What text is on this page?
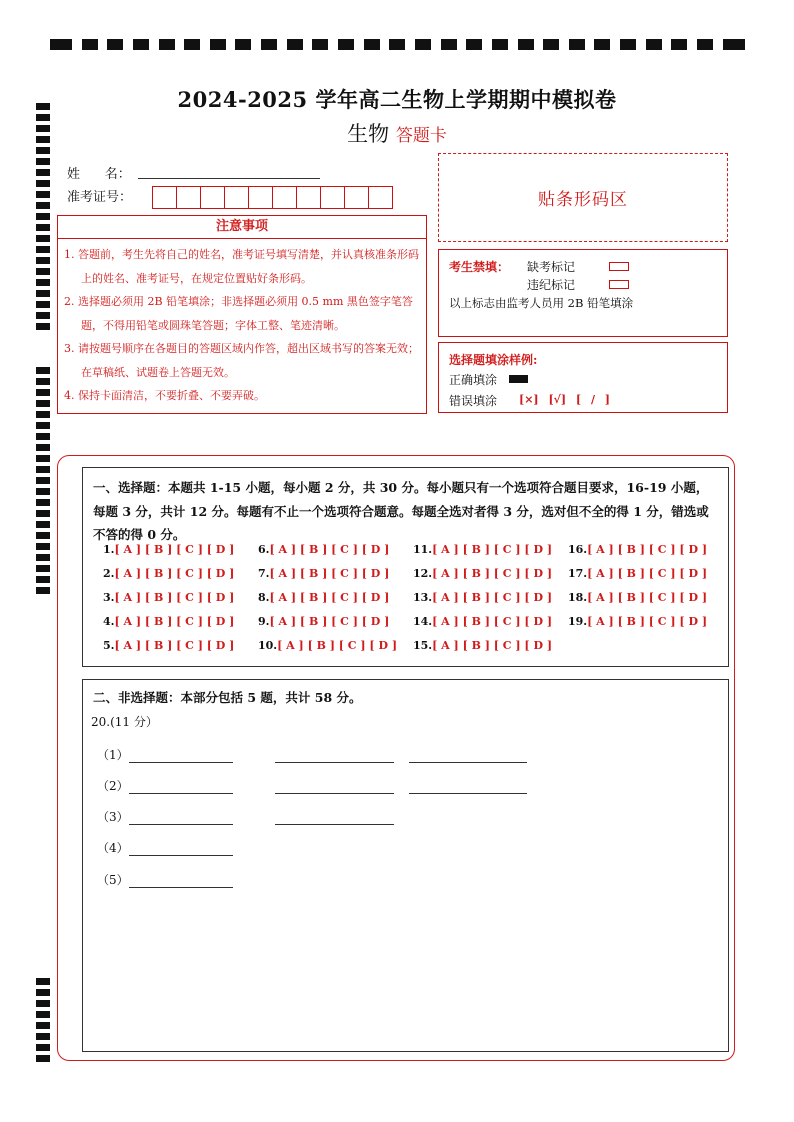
2024-2025 学年高二生物上学期期中模拟卷
生物 答题卡
姓      名：
准考证号：	贴条形码区
注意事项

1. 答题前，考生先将自己的姓名，准考证号填写清楚，并认真核准条形码上的姓名、准考证号，在规定位置贴好条形码。

2. 选择题必须用 2B 铅笔填涂；非选择题必须用 0.5 mm 黑色签字笔答题，不得用铅笔或圆珠笔答题；字体工整、笔迹清晰。

3. 请按题号顺序在各题目的答题区域内作答，超出区域书写的答案无效；在草稿纸、试题卷上答题无效。

4. 保持卡面清洁，不要折叠、不要弄破。

考生禁填： 缺考标记
违纪标记
以上标志由监考人员用 2B 铅笔填涂
选择题填涂样例:
正确填涂
错误填涂 [×] [√] [ / ]
一、选择题：本题共 1-15 小题，每小题 2 分，共 30 分。每小题只有一个选项符合题目要求，16-19 小题，每题 3 分，共计 12 分。每题有不止一个选项符合题意。每题全选对者得 3 分，选对但不全的得 1 分，错选或不答的得 0 分。
1.[ A ] [ B ] [ C ] [ D ]
2.[ A ] [ B ] [ C ] [ D ]
3.[ A ] [ B ] [ C ] [ D ]
4.[ A ] [ B ] [ C ] [ D ]
5.[ A ] [ B ] [ C ] [ D ]
6.[ A ] [ B ] [ C ] [ D ]
7.[ A ] [ B ] [ C ] [ D ]
8.[ A ] [ B ] [ C ] [ D ]
9.[ A ] [ B ] [ C ] [ D ]
10.[ A ] [ B ] [ C ] [ D ]
11.[ A ] [ B ] [ C ] [ D ]
12.[ A ] [ B ] [ C ] [ D ]
13.[ A ] [ B ] [ C ] [ D ]
14.[ A ] [ B ] [ C ] [ D ]
15.[ A ] [ B ] [ C ] [ D ]
16.[ A ] [ B ] [ C ] [ D ]
17.[ A ] [ B ] [ C ] [ D ]
18.[ A ] [ B ] [ C ] [ D ]
19.[ A ] [ B ] [ C ] [ D ]
二、非选择题：本部分包括 5 题，共计 58 分。
20.(11 分）
（1）
（2）
（3）
（4）
（5）
